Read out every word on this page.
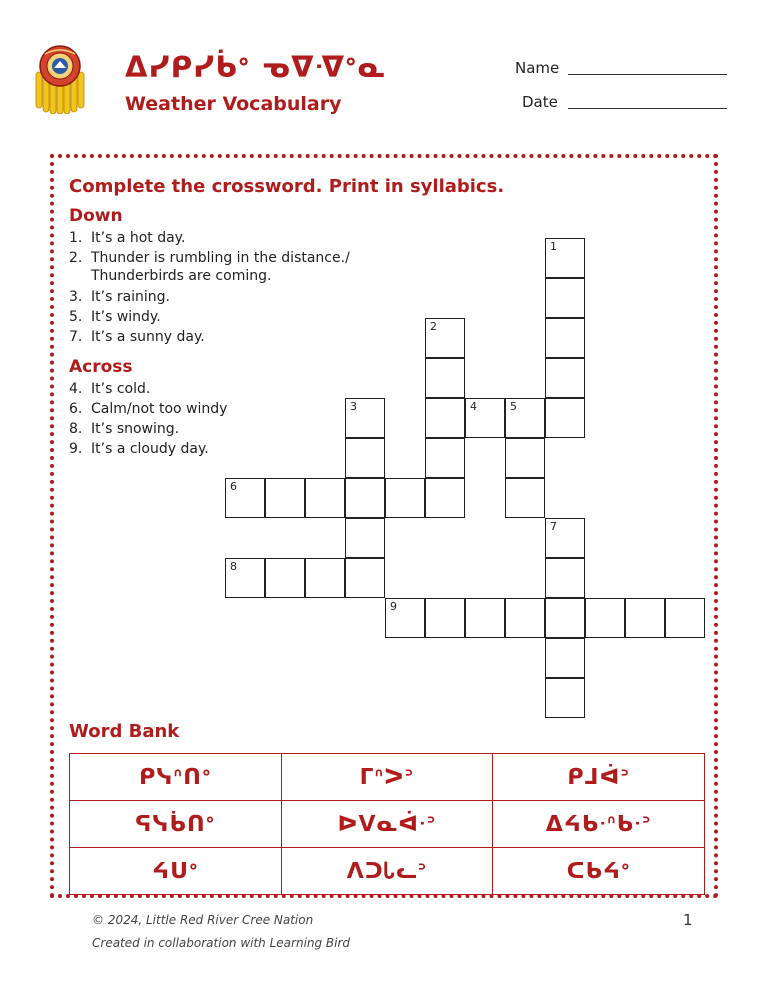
ᐃᓯᑭᓯᑳᐤ ᓀᐁᐌᐤᓇ
Weather Vocabulary
Name
Date
Complete the crossword. Print in syllabics.
Down
1. It’s a hot day.
2. Thunder is rumbling in the distance./ Thunderbirds are coming.
3. It’s raining.
5. It’s windy.
7. It’s a sunny day.
Across
4. It’s cold.
6. Calm/not too windy
8. It’s snowing.
9. It’s a cloudy day.
Word Bank
ᑭᓭᐢᑎᐤ	ᒥᐢᐳᐣ	ᑭᒧᐋᐣ
ᕋᓭᑳᑎᐤ	ᐅᐯᓇᐋᐧᐣ	ᐃᔦᑲᐧᐢᑲᐧᐣ
ᔦᑌᐤ	ᐱᑐᏓᓚᐣ	ᑕᑲᔦᐤ
© 2024, Little Red River Cree Nation
Created in collaboration with Learning Bird
1
1
2
3	4	5
6
7
8
9
